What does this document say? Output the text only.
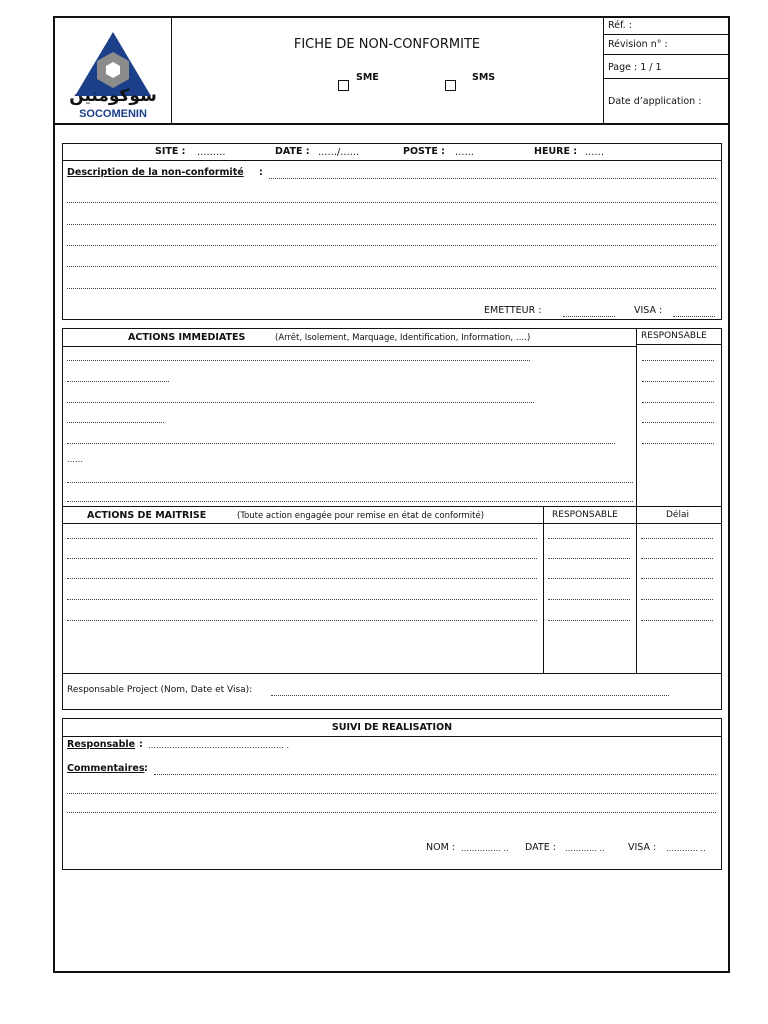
سوكومنين
SOCOMENIN
FICHE DE NON-CONFORMITE
SME	SMS
Réf. :
Révision n° :
Page : 1 / 1
Date d’application :
SITE : ………	DATE : ……/……	POSTE : ……	HEURE : ……
Description de la non-conformité :
EMETTEUR :	VISA :
ACTIONS IMMEDIATES	(Arrêt, Isolement, Marquage, Identification, Information, ….)	RESPONSABLE
……
ACTIONS DE MAITRISE	(Toute action engagée pour remise en état de conformité)	RESPONSABLE	Délai
Responsable Project (Nom, Date et Visa):
SUIVI DE REALISATION
Responsable : …………………………………………… .
Commentaires :
NOM : …………… .. DATE : ………… .. VISA : ………… ..
